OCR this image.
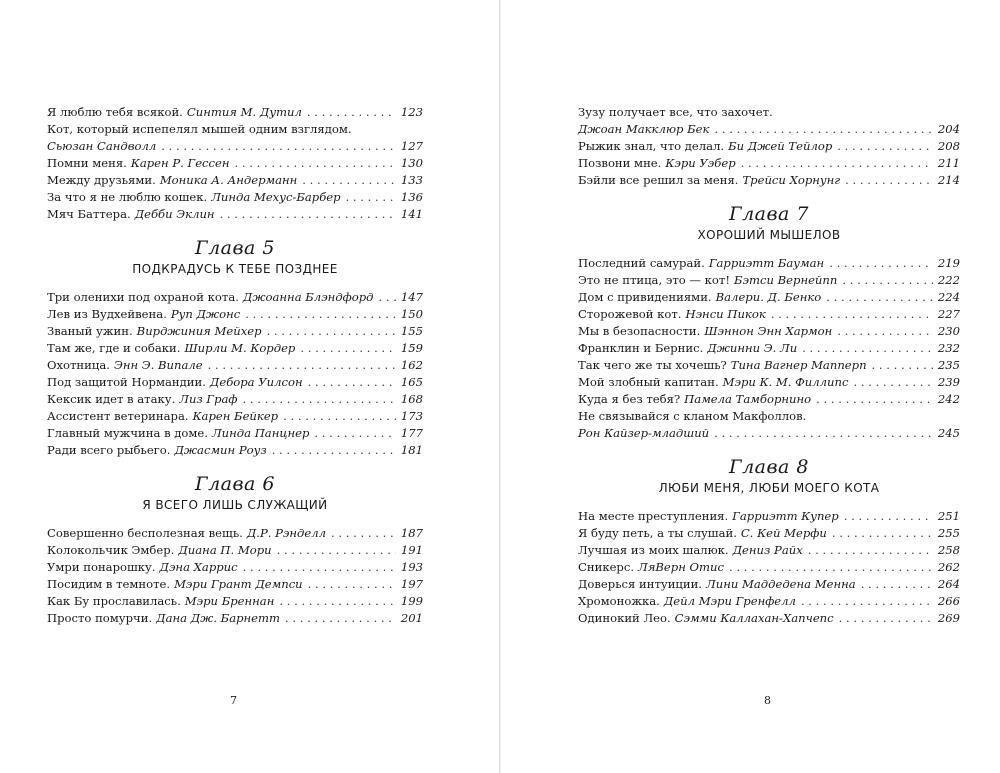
Я люблю тебя всякой. Синтия М. Дутил . . .	123
Кот, который испепелял мышей одним взглядом.
Сьюзан Сандволл . . .	127
Помни меня. Карен Р. Гессен . . .	130
Между друзьями. Моника А. Андерманн . . .	133
За что я не люблю кошек. Линда Мехус-Барбер . . .	136
Мяч Баттера. Дебби Эклин . . .	141
Глава 5
ПОДКРАДУСЬ К ТЕБЕ ПОЗДНЕЕ
Три оленихи под охраной кота. Джоанна Блэндфорд . . . 147
Лев из Вудхейвена. Руп Джонс . . .	150
Званый ужин. Вирджиния Мейхер . . .	155
Там же, где и собаки. Ширли М. Кордер . . .	159
Охотница. Энн Э. Випале . . .	162
Под защитой Нормандии. Дебора Уилсон . . .	165
Кексик идет в атаку. Лиз Граф . . .	168
Ассистент ветеринара. Карен Бейкер . . .	173
Главный мужчина в доме. Линда Панцнер . . .	177
Ради всего рыбьего. Джасмин Роуз . . .	181
Глава 6
Я ВСЕГО ЛИШЬ СЛУЖАЩИЙ
Совершенно бесполезная вещь. Д.Р. Рэнделл . . .	187
Колокольчик Эмбер. Диана П. Мори . . .	191
Умри понарошку. Дэна Харрис . . .	193
Посидим в темноте. Мэри Грант Демпси . . .	197
Как Бу прославилась. Мэри Бреннан . . .	199
Просто помурчи. Дана Дж. Барнетт . . .	201
7
Зузу получает все, что захочет.
Джоан Макклюр Бек . . .	204
Рыжик знал, что делал. Би Джей Тейлор . . .	208
Позвони мне. Кэри Уэбер . . .	211
Бэйли все решил за меня. Трейси Хорнунг . . .	214
Глава 7
ХОРОШИЙ МЫШЕЛОВ
Последний самурай. Гарриэтт Бауман . . .	219
Это не птица, это — кот! Бэтси Вернейпп . . .	222
Дом с привидениями. Валери. Д. Бенко . . .	224
Сторожевой кот. Нэнси Пикок . . .	227
Мы в безопасности. Шэннон Энн Хармон . . .	230
Франклин и Бернис. Джинни Э. Ли . . .	232
Так чего же ты хочешь? Тина Вагнер Мапперп . . .	235
Мой злобный капитан. Мэри К. М. Филлипс . . .	239
Куда я без тебя? Памела Тамборнино . . .	242
Не связывайся с кланом Макфоллов.
Рон Кайзер-младший . . .	245
Глава 8
ЛЮБИ МЕНЯ, ЛЮБИ МОЕГО КОТА
На месте преступления. Гарриэтт Купер . . .	251
Я буду петь, а ты слушай. С. Кей Мерфи . . .	255
Лучшая из моих шалюк. Дениз Райх . . .	258
Сникерс. ЛяВерн Отис . . .	262
Доверься интуиции. Лини Маддедена Менна . . .	264
Хромоножка. Дейл Мэри Гренфелл . . .	266
Одинокий Лео. Сэмми Каллахан-Хапчепс . . .	269
8
